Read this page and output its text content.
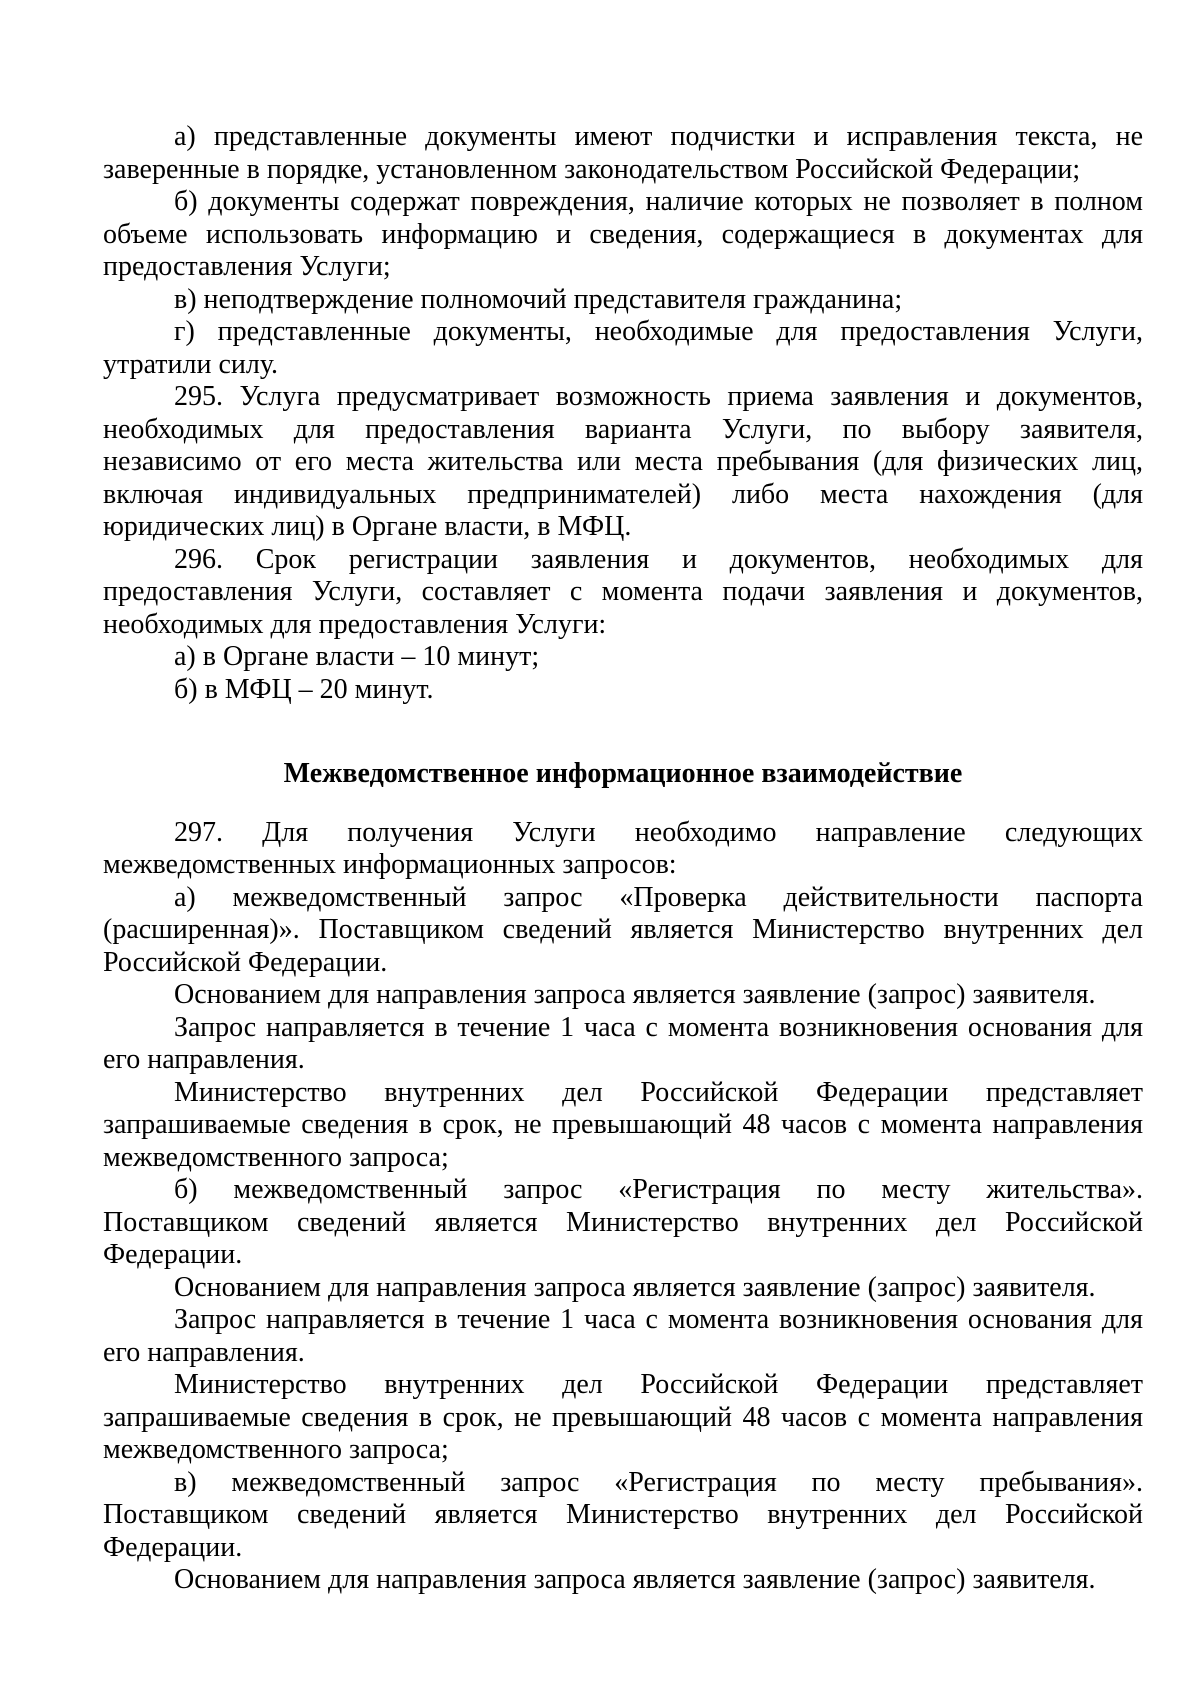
а) представленные документы имеют подчистки и исправления текста, не
заверенные в порядке, установленном законодательством Российской Федерации;
б) документы содержат повреждения, наличие которых не позволяет в полном
объеме использовать информацию и сведения, содержащиеся в документах для
предоставления Услуги;
в) неподтверждение полномочий представителя гражданина;
г) представленные документы, необходимые для предоставления Услуги,
утратили силу.
295. Услуга предусматривает возможность приема заявления и документов,
необходимых для предоставления варианта Услуги, по выбору заявителя,
независимо от его места жительства или места пребывания (для физических лиц,
включая индивидуальных предпринимателей) либо места нахождения (для
юридических лиц) в Органе власти, в МФЦ.
296. Срок регистрации заявления и документов, необходимых для
предоставления Услуги, составляет с момента подачи заявления и документов,
необходимых для предоставления Услуги:
а) в Органе власти – 10 минут;
б) в МФЦ – 20 минут.
Межведомственное информационное взаимодействие
297. Для получения Услуги необходимо направление следующих
межведомственных информационных запросов:
а) межведомственный запрос «Проверка действительности паспорта
(расширенная)». Поставщиком сведений является Министерство внутренних дел
Российской Федерации.
Основанием для направления запроса является заявление (запрос) заявителя.
Запрос направляется в течение 1 часа с момента возникновения основания для
его направления.
Министерство внутренних дел Российской Федерации представляет
запрашиваемые сведения в срок, не превышающий 48 часов с момента направления
межведомственного запроса;
б) межведомственный запрос «Регистрация по месту жительства».
Поставщиком сведений является Министерство внутренних дел Российской
Федерации.
Основанием для направления запроса является заявление (запрос) заявителя.
Запрос направляется в течение 1 часа с момента возникновения основания для
его направления.
Министерство внутренних дел Российской Федерации представляет
запрашиваемые сведения в срок, не превышающий 48 часов с момента направления
межведомственного запроса;
в) межведомственный запрос «Регистрация по месту пребывания».
Поставщиком сведений является Министерство внутренних дел Российской
Федерации.
Основанием для направления запроса является заявление (запрос) заявителя.
